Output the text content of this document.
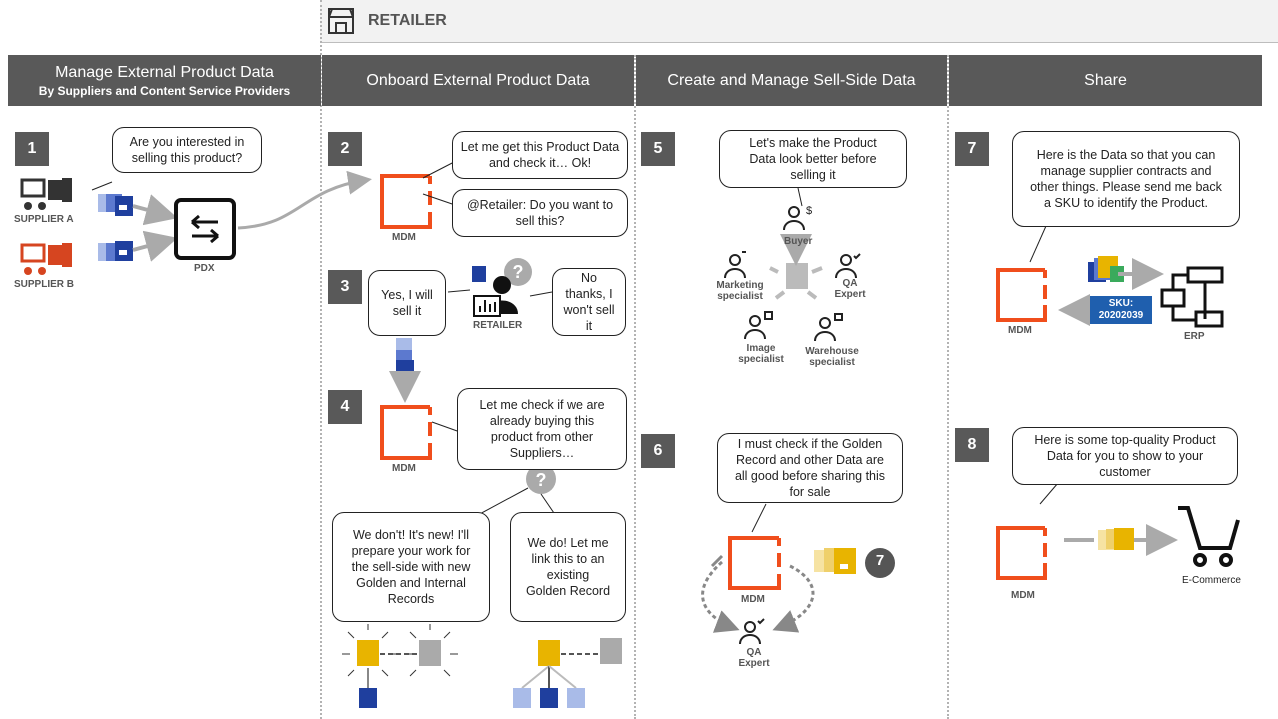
RETAILER
Manage External Product Data
By Suppliers and Content Service Providers
Onboard External Product Data	Create and Manage Sell-Side Data	Share
?
?
$
1	2
3
4
5
6
7
8
Are you interested in selling this product?
SUPPLIER A
SUPPLIER B
PDX
MDM
Let me get this Product Data and check it… Ok!
@Retailer: Do you want to sell this?
Yes, I will sell it
RETAILER
No thanks, I won't sell it
MDM
Let me check if we are already buying this product from other Suppliers…
We don't! It's new! I'll prepare your work for the sell-side with new Golden and Internal Records
We do! Let me link this to an existing Golden Record
Let's make the Product Data look better before selling it
Buyer
QA Expert
Marketing specialist
Image specialist
Warehouse specialist
I must check if the Golden Record and other Data are all good before sharing this for sale
MDM
QA Expert
7
Here is the Data so that you can manage supplier contracts and other things. Please send me back a SKU to identify the Product.
MDM
SKU: 20202039
ERP
Here is some top-quality Product Data for you to show to your customer
MDM
E-Commerce
